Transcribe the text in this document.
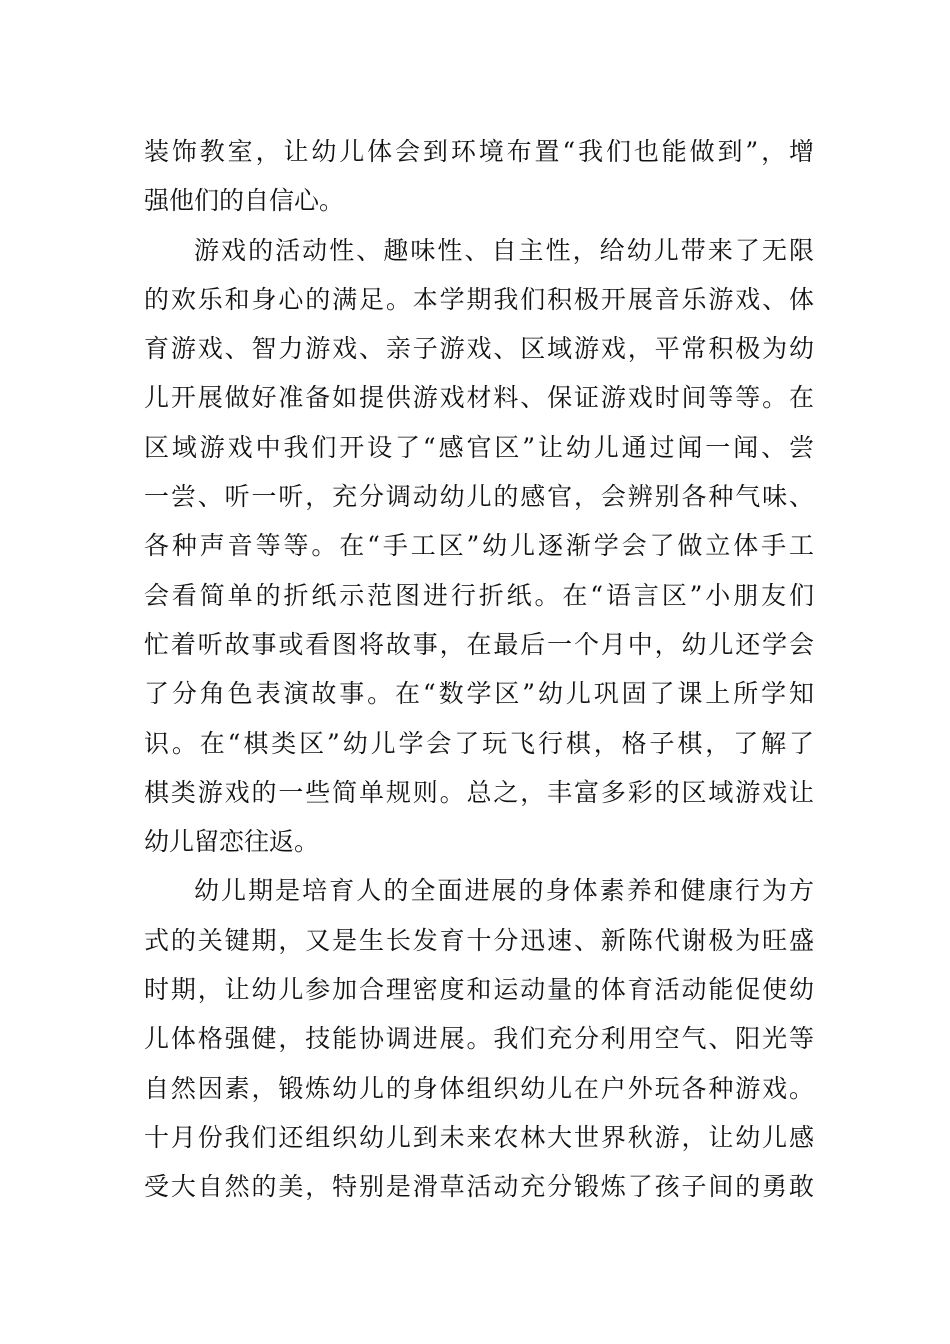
装饰教室，让幼儿体会到环境布置“我们也能做到”，增
强他们的自信心。
游戏的活动性、趣味性、自主性，给幼儿带来了无限
的欢乐和身心的满足。本学期我们积极开展音乐游戏、体
育游戏、智力游戏、亲子游戏、区域游戏，平常积极为幼
儿开展做好准备如提供游戏材料、保证游戏时间等等。在
区域游戏中我们开设了“感官区”让幼儿通过闻一闻、尝
一尝、听一听，充分调动幼儿的感官，会辨别各种气味、
各种声音等等。在“手工区”幼儿逐渐学会了做立体手工
会看简单的折纸示范图进行折纸。在“语言区”小朋友们
忙着听故事或看图将故事，在最后一个月中，幼儿还学会
了分角色表演故事。在“数学区”幼儿巩固了课上所学知
识。在“棋类区”幼儿学会了玩飞行棋，格子棋，了解了
棋类游戏的一些简单规则。总之，丰富多彩的区域游戏让
幼儿留恋往返。
幼儿期是培育人的全面进展的身体素养和健康行为方
式的关键期，又是生长发育十分迅速、新陈代谢极为旺盛
时期，让幼儿参加合理密度和运动量的体育活动能促使幼
儿体格强健，技能协调进展。我们充分利用空气、阳光等
自然因素，锻炼幼儿的身体组织幼儿在户外玩各种游戏。
十月份我们还组织幼儿到未来农林大世界秋游，让幼儿感
受大自然的美，特别是滑草活动充分锻炼了孩子间的勇敢
